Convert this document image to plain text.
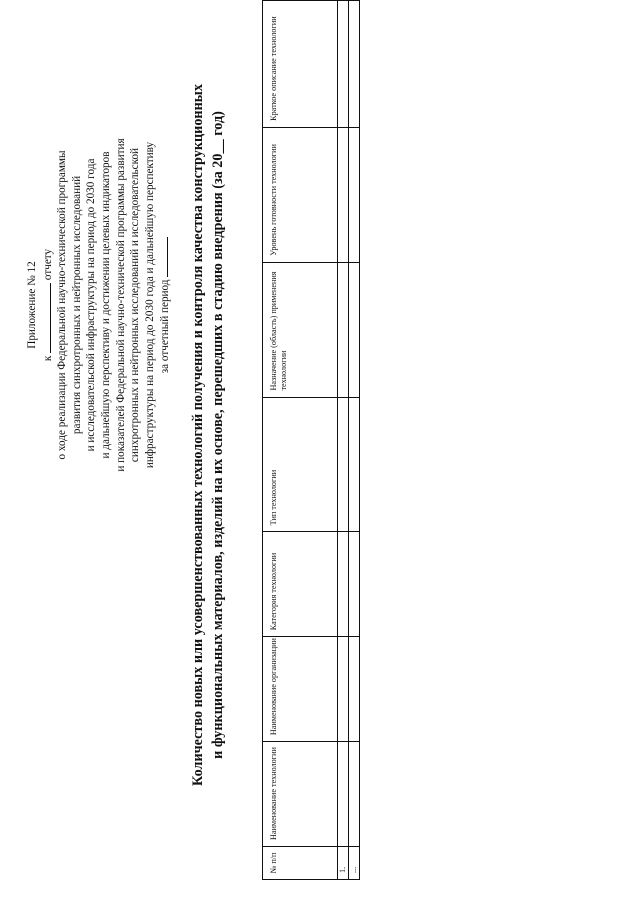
Приложение № 12
к  отчету о ходе реализации Федеральной научно-технической программы развития синхротронных и нейтронных исследований и исследовательской инфраструктуры на период до 2030 года и дальнейшую перспективу и достижении целевых индикаторов и показателей Федеральной научно-технической программы развития синхротронных и нейтронных исследований и исследовательской инфраструктуры на период до 2030 года и дальнейшую перспективу за отчетный период Количество новых или усовершенствованных технологий получения и контроля качества конструкционных и функциональных материалов, изделий на их основе, перешедших в стадию внедрения (за 20__ год)
№ п/п	Наименование технологии	Наименование организации	Категория технологии	Тип технологии	Назначение (область) применения технологии	Уровень готовности технологии	Краткое описание технологии
1.							
...							
